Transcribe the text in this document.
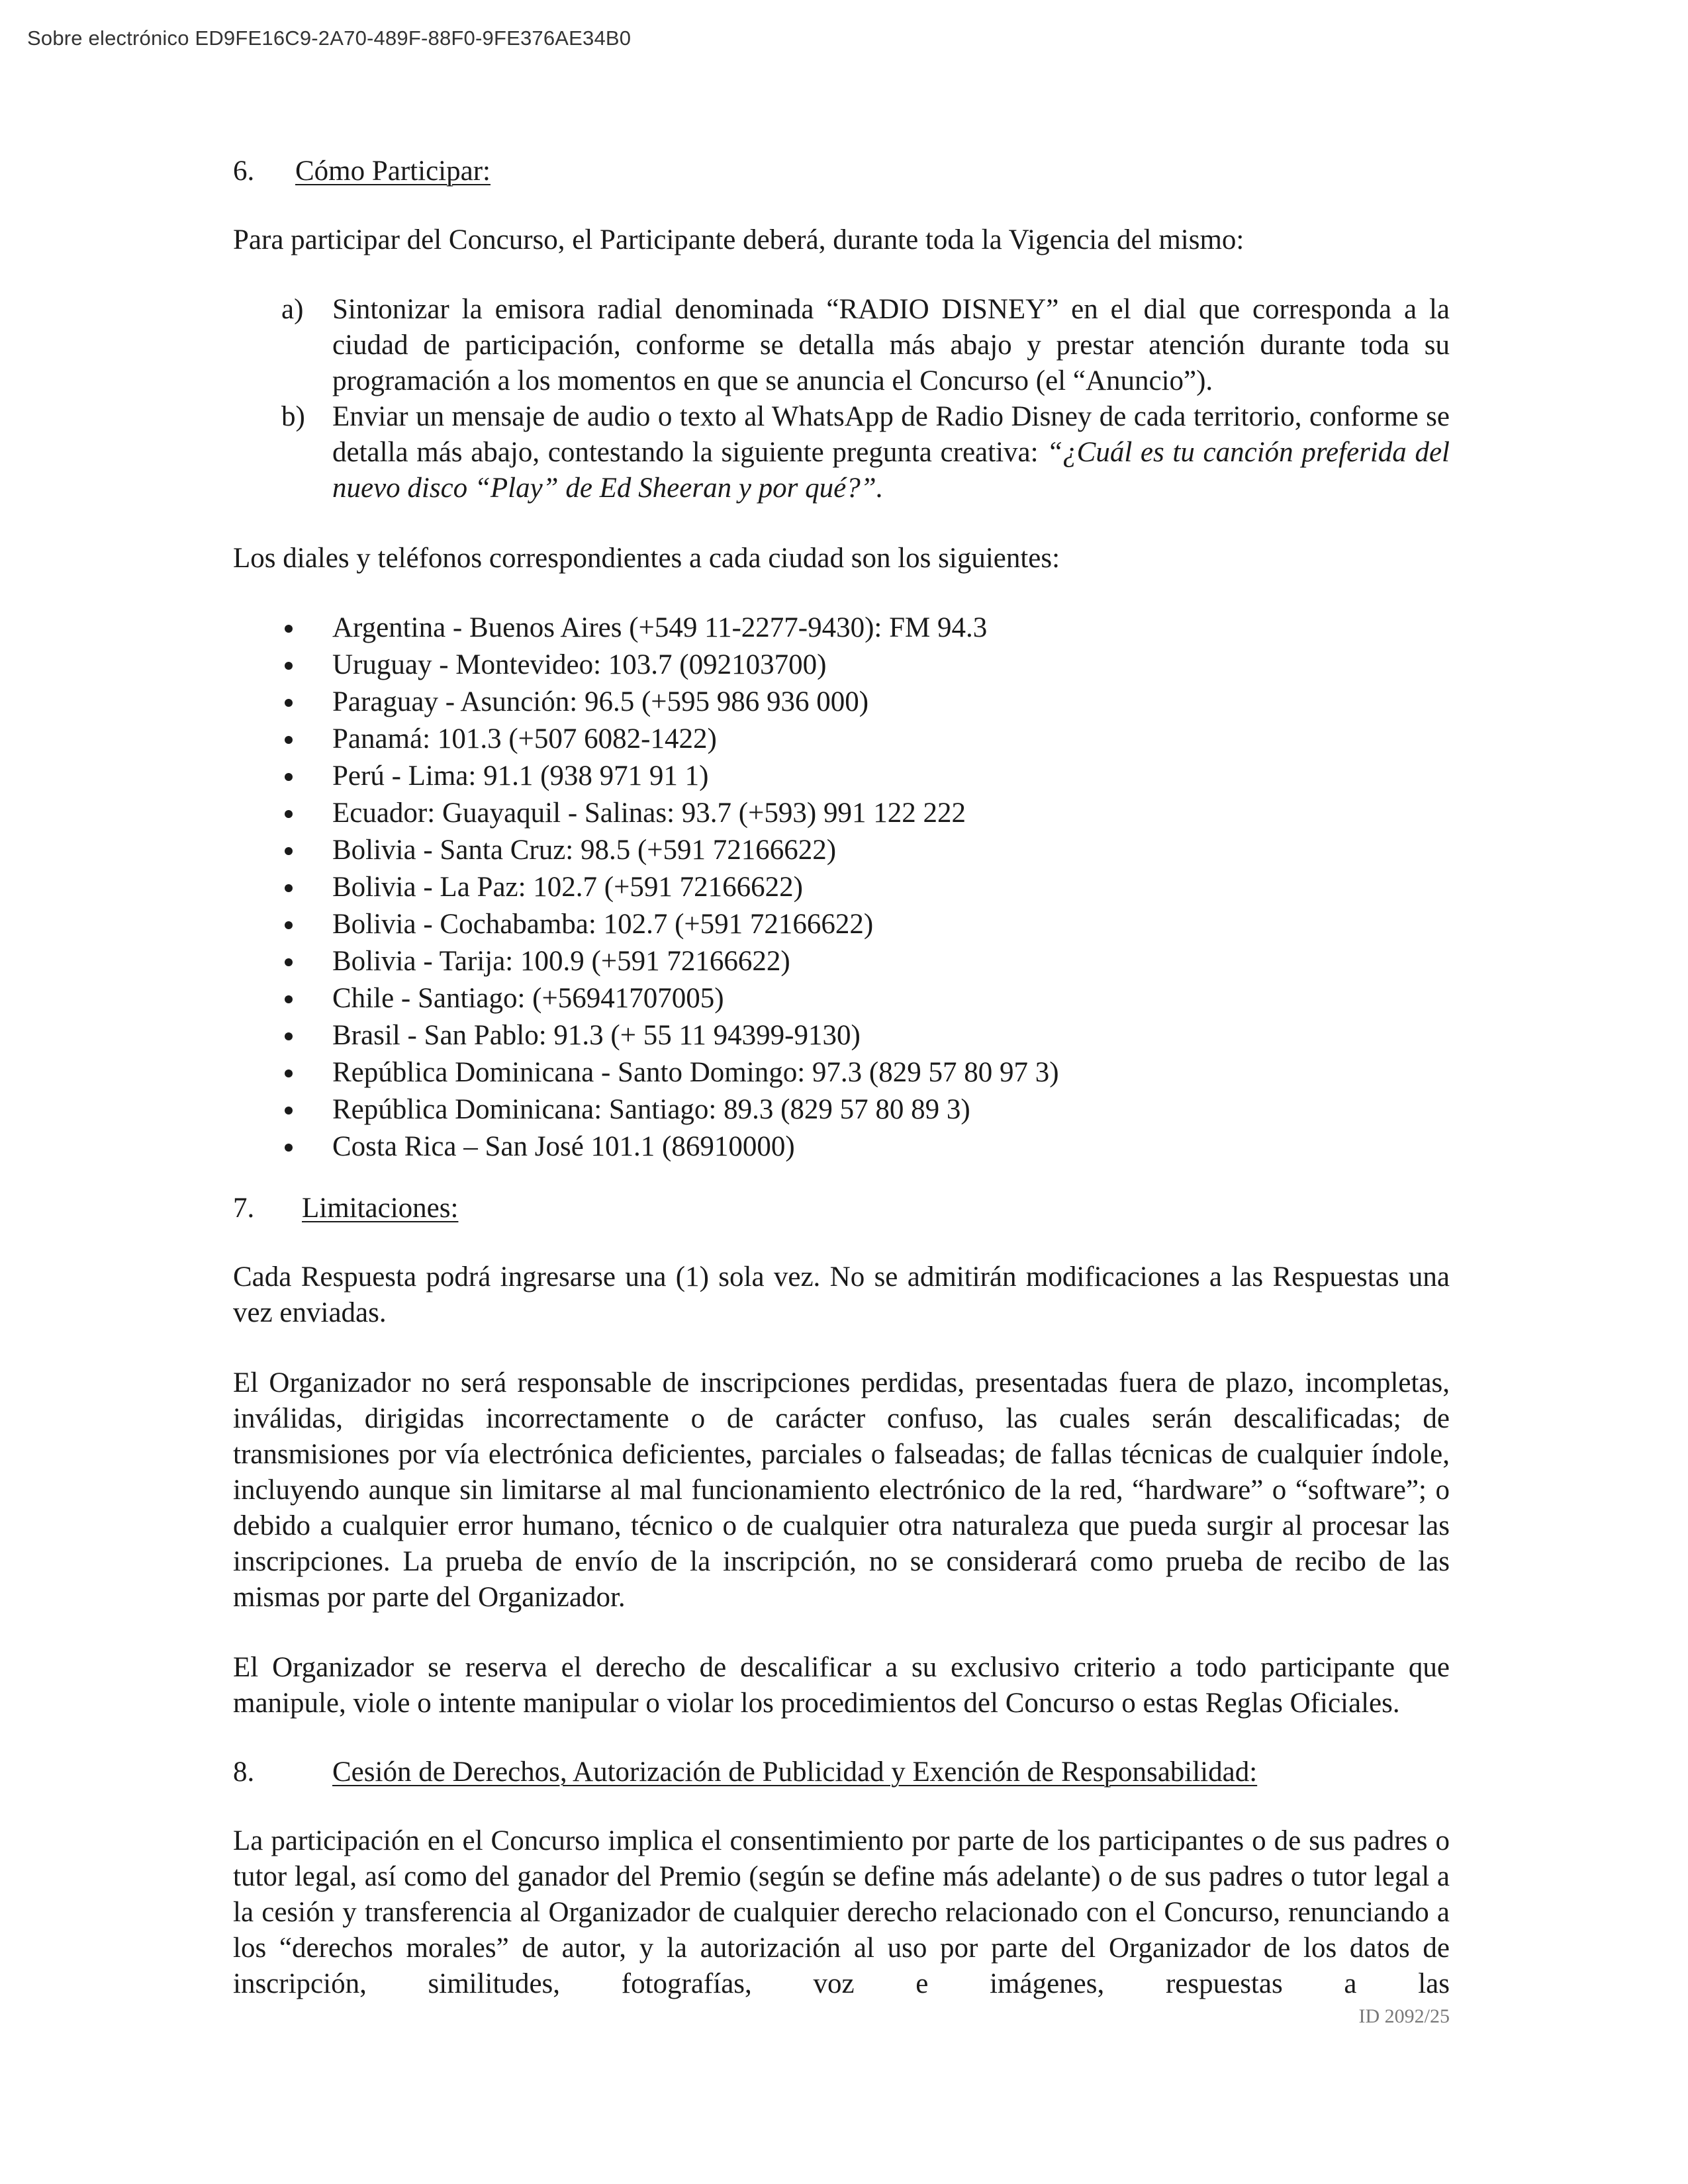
Sobre electrónico ED9FE16C9-2A70-489F-88F0-9FE376AE34B0
6. Cómo Participar:

Para participar del Concurso, el Participante deberá, durante toda la Vigencia del mismo:

a) Sintonizar la emisora radial denominada “RADIO DISNEY” en el dial que corresponda a la ciudad de participación, conforme se detalla más abajo y prestar atención durante toda su programación a los momentos en que se anuncia el Concurso (el “Anuncio”).
b) Enviar un mensaje de audio o texto al WhatsApp de Radio Disney de cada territorio, conforme se detalla más abajo, contestando la siguiente pregunta creativa: “¿Cuál es tu canción preferida del nuevo disco “Play” de Ed Sheeran y por qué?”.

Los diales y teléfonos correspondientes a cada ciudad son los siguientes:

Argentina - Buenos Aires (+549 11-2277-9430): FM 94.3
Uruguay - Montevideo: 103.7 (092103700)
Paraguay - Asunción: 96.5 (+595 986 936 000)
Panamá: 101.3 (+507 6082-1422)
Perú - Lima: 91.1 (938 971 91 1)
Ecuador: Guayaquil - Salinas: 93.7 (+593) 991 122 222
Bolivia - Santa Cruz: 98.5 (+591 72166622)
Bolivia - La Paz: 102.7 (+591 72166622)
Bolivia - Cochabamba: 102.7 (+591 72166622)
Bolivia - Tarija: 100.9 (+591 72166622)
Chile - Santiago: (+56941707005)
Brasil - San Pablo: 91.3 (+ 55 11 94399-9130)
República Dominicana - Santo Domingo: 97.3 (829 57 80 97 3)
República Dominicana: Santiago: 89.3 (829 57 80 89 3)
Costa Rica – San José 101.1 (86910000)
7. Limitaciones:

Cada Respuesta podrá ingresarse una (1) sola vez. No se admitirán modificaciones a las Respuestas una vez enviadas.

El Organizador no será responsable de inscripciones perdidas, presentadas fuera de plazo, incompletas, inválidas, dirigidas incorrectamente o de carácter confuso, las cuales serán descalificadas; de transmisiones por vía electrónica deficientes, parciales o falseadas; de fallas técnicas de cualquier índole, incluyendo aunque sin limitarse al mal funcionamiento electrónico de la red, “hardware” o “software”; o debido a cualquier error humano, técnico o de cualquier otra naturaleza que pueda surgir al procesar las inscripciones. La prueba de envío de la inscripción, no se considerará como prueba de recibo de las mismas por parte del Organizador.

El Organizador se reserva el derecho de descalificar a su exclusivo criterio a todo participante que manipule, viole o intente manipular o violar los procedimientos del Concurso o estas Reglas Oficiales.

8.	Cesión de Derechos, Autorización de Publicidad y Exención de Responsabilidad:

La participación en el Concurso implica el consentimiento por parte de los participantes o de sus padres o tutor legal, así como del ganador del Premio (según se define más adelante) o de sus padres o tutor legal a la cesión y transferencia al Organizador de cualquier derecho relacionado con el Concurso, renunciando a los “derechos morales” de autor, y la autorización al uso por parte del Organizador de los datos de inscripción, similitudes, fotografías, voz e imágenes, respuestas a las

ID 2092/25
